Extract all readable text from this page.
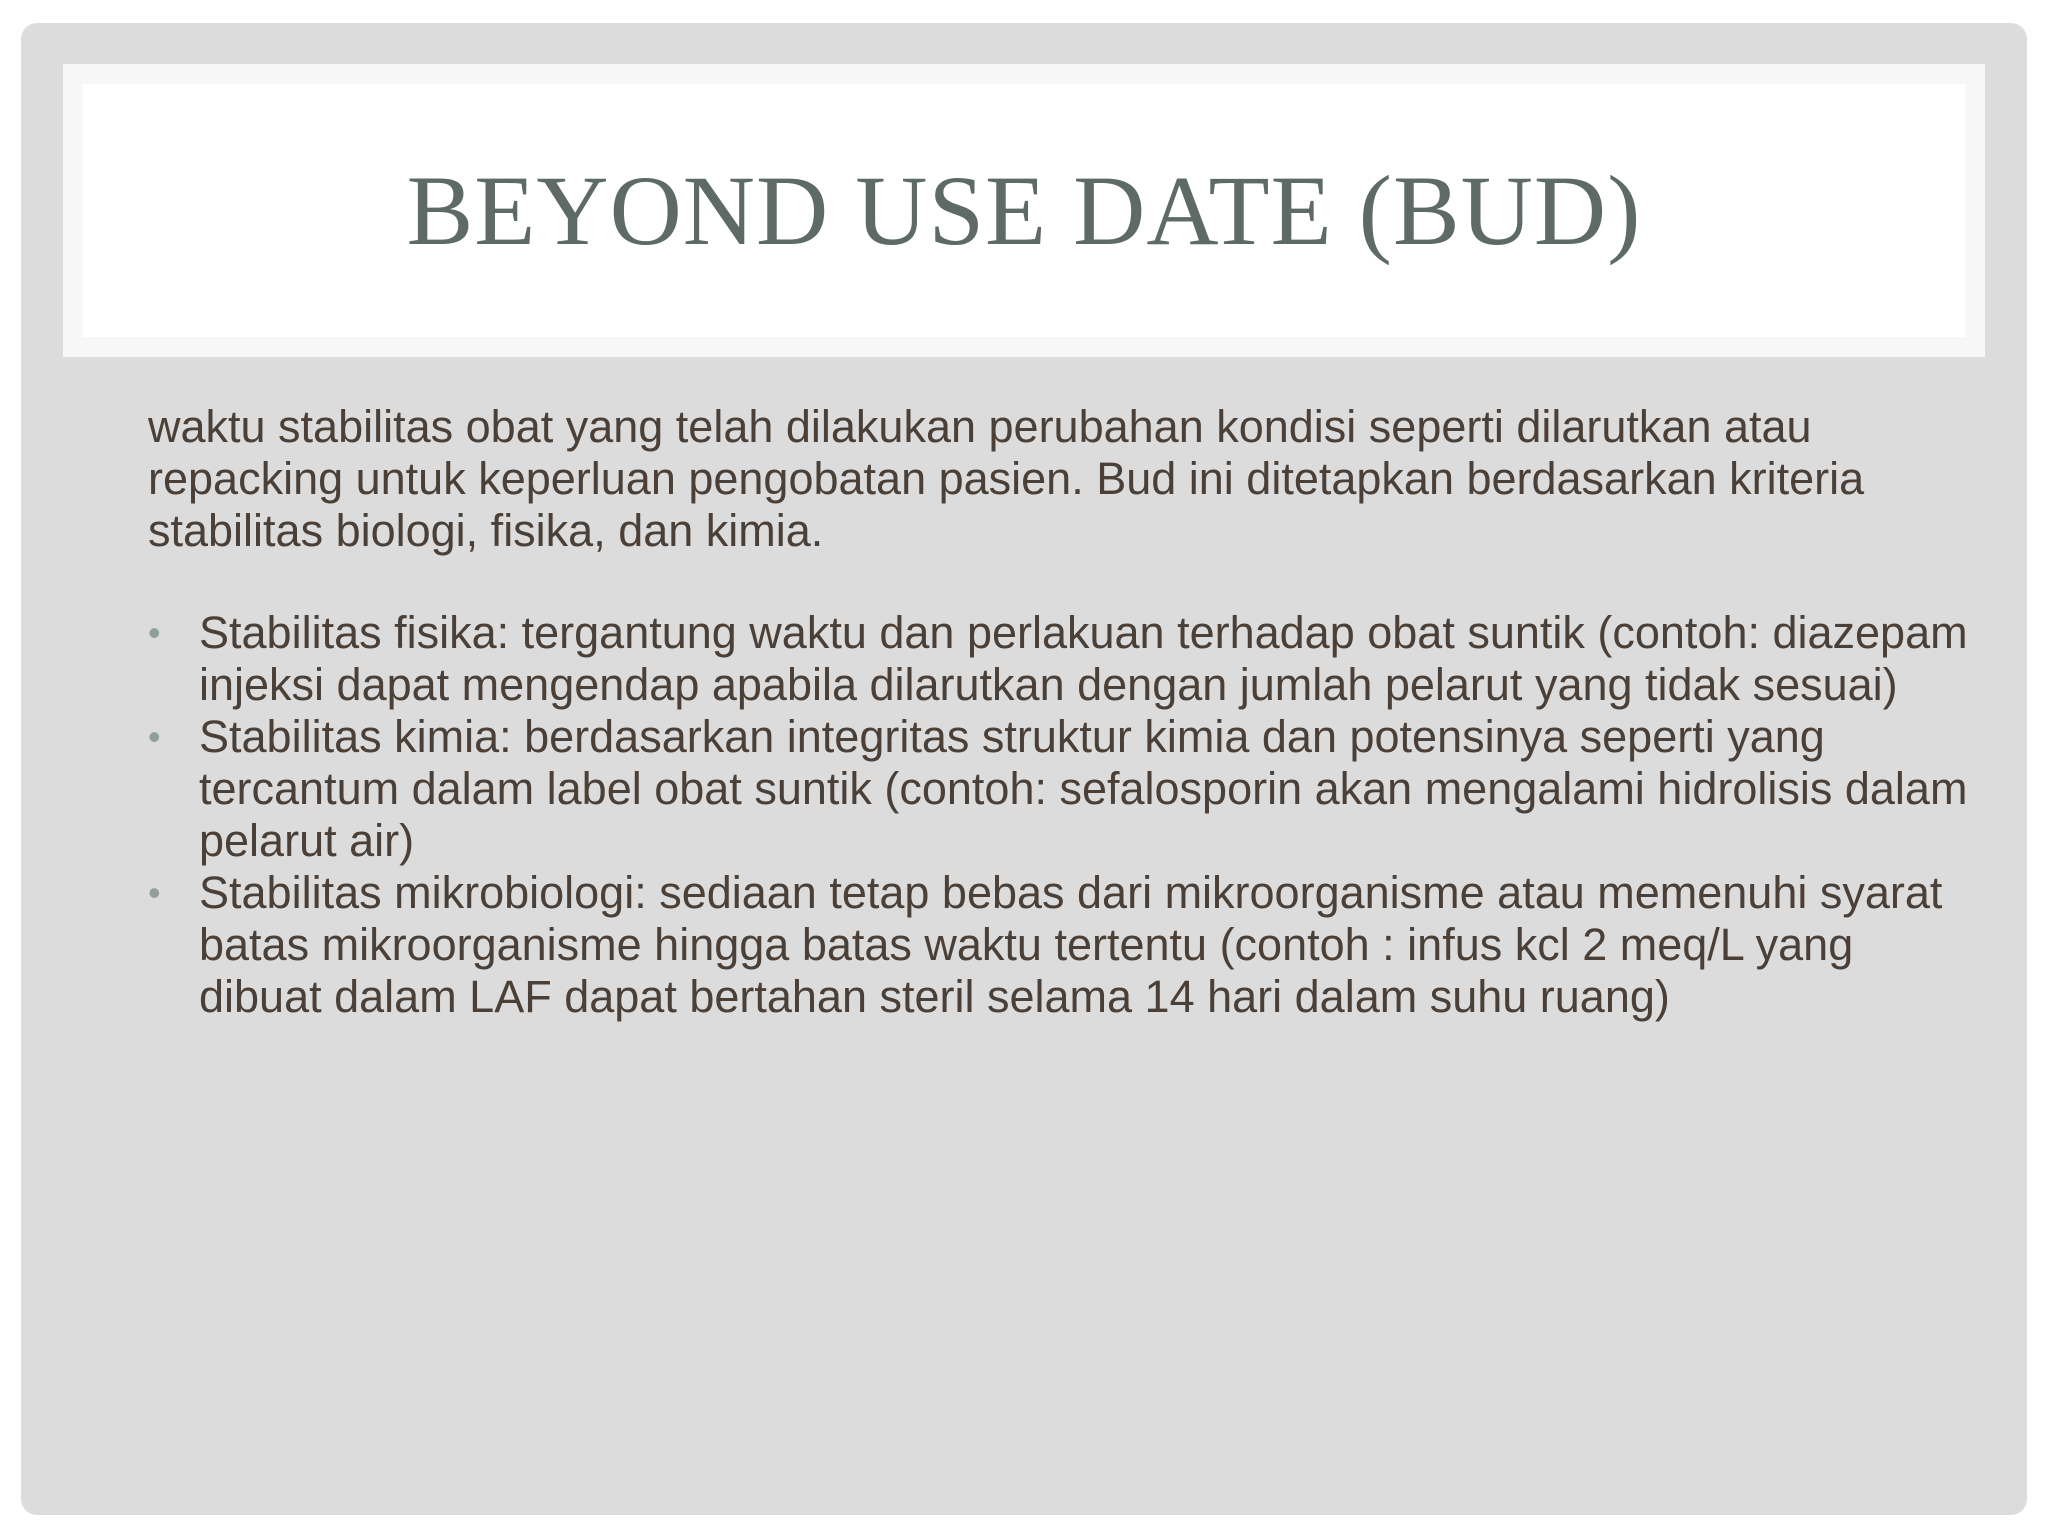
BEYOND USE DATE (BUD)

waktu stabilitas obat yang telah dilakukan perubahan kondisi seperti dilarutkan atau repacking untuk keperluan pengobatan pasien. Bud ini ditetapkan berdasarkan kriteria stabilitas biologi, fisika, dan kimia.

• Stabilitas fisika: tergantung waktu dan perlakuan terhadap obat suntik (contoh: diazepam injeksi dapat mengendap apabila dilarutkan dengan jumlah pelarut yang tidak sesuai)
• Stabilitas kimia: berdasarkan integritas struktur kimia dan potensinya seperti yang tercantum dalam label obat suntik (contoh: sefalosporin akan mengalami hidrolisis dalam pelarut air)
• Stabilitas mikrobiologi: sediaan tetap bebas dari mikroorganisme atau memenuhi syarat batas mikroorganisme hingga batas waktu tertentu (contoh : infus kcl 2 meq/L yang dibuat dalam LAF dapat bertahan steril selama 14 hari dalam suhu ruang)
